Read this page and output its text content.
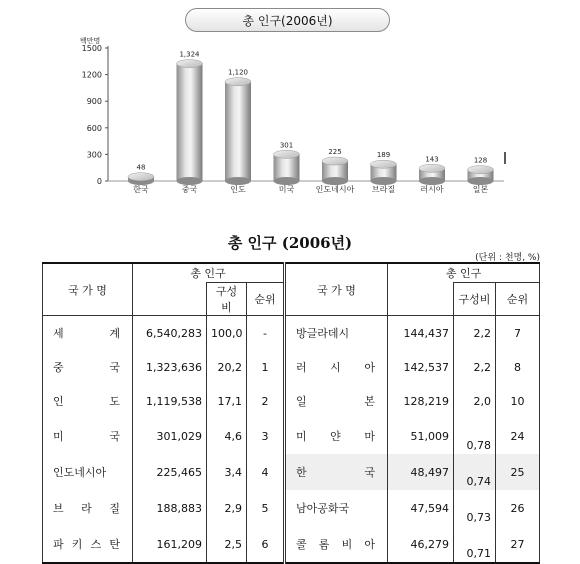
총 인구(2006년)
백만명
0
300
600
900
1200
1500
48
한국
1,324
중국
1,120
인도
301
미국
225
인도네시아
189
브라질
143
러시아
128
일본
총 인구 (2006년)
(단위 : 천명, %)
국 가 명	총 인구			국 가 명	총 인구		
		구성비	순위			구성비	순위
세 계	6,540,283	100,0	-	방글라데시	144,437	2,2	7
중 국	1,323,636	20,2	1	러 시 아	142,537	2,2	8
인 도	1,119,538	17,1	2	일 본	128,219	2,0	10
미 국	301,029	4,6	3	미 얀 마	51,009	0,78	24
인도네시아	225,465	3,4	4	한 국	48,497	0,74	25
브 라 질	188,883	2,9	5	남아공화국	47,594	0,73	26
파 키 스 탄	161,209	2,5	6	콜 롬 비 아	46,279	0,71	27
